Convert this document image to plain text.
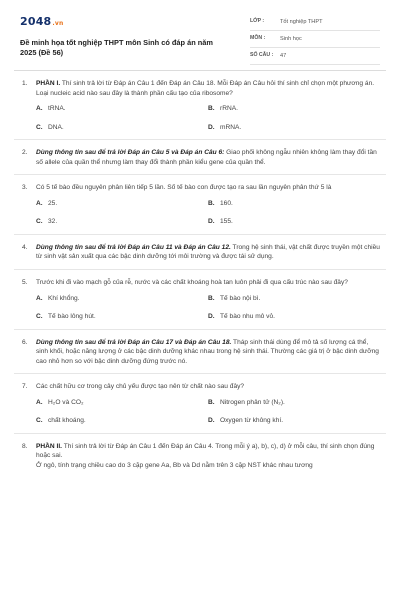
2048.vn
Đề minh họa tốt nghiệp THPT môn Sinh có đáp án năm 2025 (Đề 56)
LỚP :	Tốt nghiệp THPT
MÔN :	Sinh học
SỐ CÂU :	47
1.	PHẦN I. Thí sinh trả lời từ Đáp án Câu 1 đến Đáp án Câu 18. Mỗi Đáp án Câu hỏi thí sinh chỉ chọn một phương án.
Loại nucleic acid nào sau đây là thành phần cấu tạo của ribosome?
A. tRNA.	B. rRNA.
C. DNA.	D. mRNA.
2.	Dùng thông tin sau để trả lời Đáp án Câu 5 và Đáp án Câu 6: Giao phối không ngẫu nhiên không làm thay đổi tần số allele của quần thể nhưng làm thay đổi thành phần kiểu gene của quần thể.
3.	Có 5 tế bào đều nguyên phân liên tiếp 5 lần. Số tế bào con được tạo ra sau lần nguyên phân thứ 5 là
A. 25.	B. 160.
C. 32.	D. 155.
4.	Dùng thông tin sau để trả lời Đáp án Câu 11 và Đáp án Câu 12. Trong hệ sinh thái, vật chất được truyền một chiều từ sinh vật sản xuất qua các bậc dinh dưỡng tới môi trường và được tái sử dụng.
5.	Trước khi đi vào mạch gỗ của rễ, nước và các chất khoáng hoà tan luôn phải đi qua cấu trúc nào sau đây?
A. Khí khổng.	B. Tế bào nội bì.
C. Tế bào lông hút.	D. Tế bào nhu mô vỏ.
6.	Dùng thông tin sau để trả lời Đáp án Câu 17 và Đáp án Câu 18. Tháp sinh thái dùng để mô tả số lượng cá thể, sinh khối, hoặc năng lượng ở các bậc dinh dưỡng khác nhau trong hệ sinh thái. Thường các giá trị ở bậc dinh dưỡng cao nhỏ hơn so với bậc dinh dưỡng đứng trước nó.
7.	Các chất hữu cơ trong cây chủ yếu được tạo nên từ chất nào sau đây?
A. H₂O và CO₂	B. Nitrogen phân tử (N₂).
C. chất khoáng.	D. Oxygen từ không khí.
8.	PHẦN II. Thí sinh trả lời từ Đáp án Câu 1 đến Đáp án Câu 4. Trong mỗi ý a), b), c), d) ở mỗi câu, thí sinh chọn đúng hoặc sai.
Ở ngô, tính trạng chiều cao do 3 cặp gene Aa, Bb và Dd nằm trên 3 cặp NST khác nhau tương
